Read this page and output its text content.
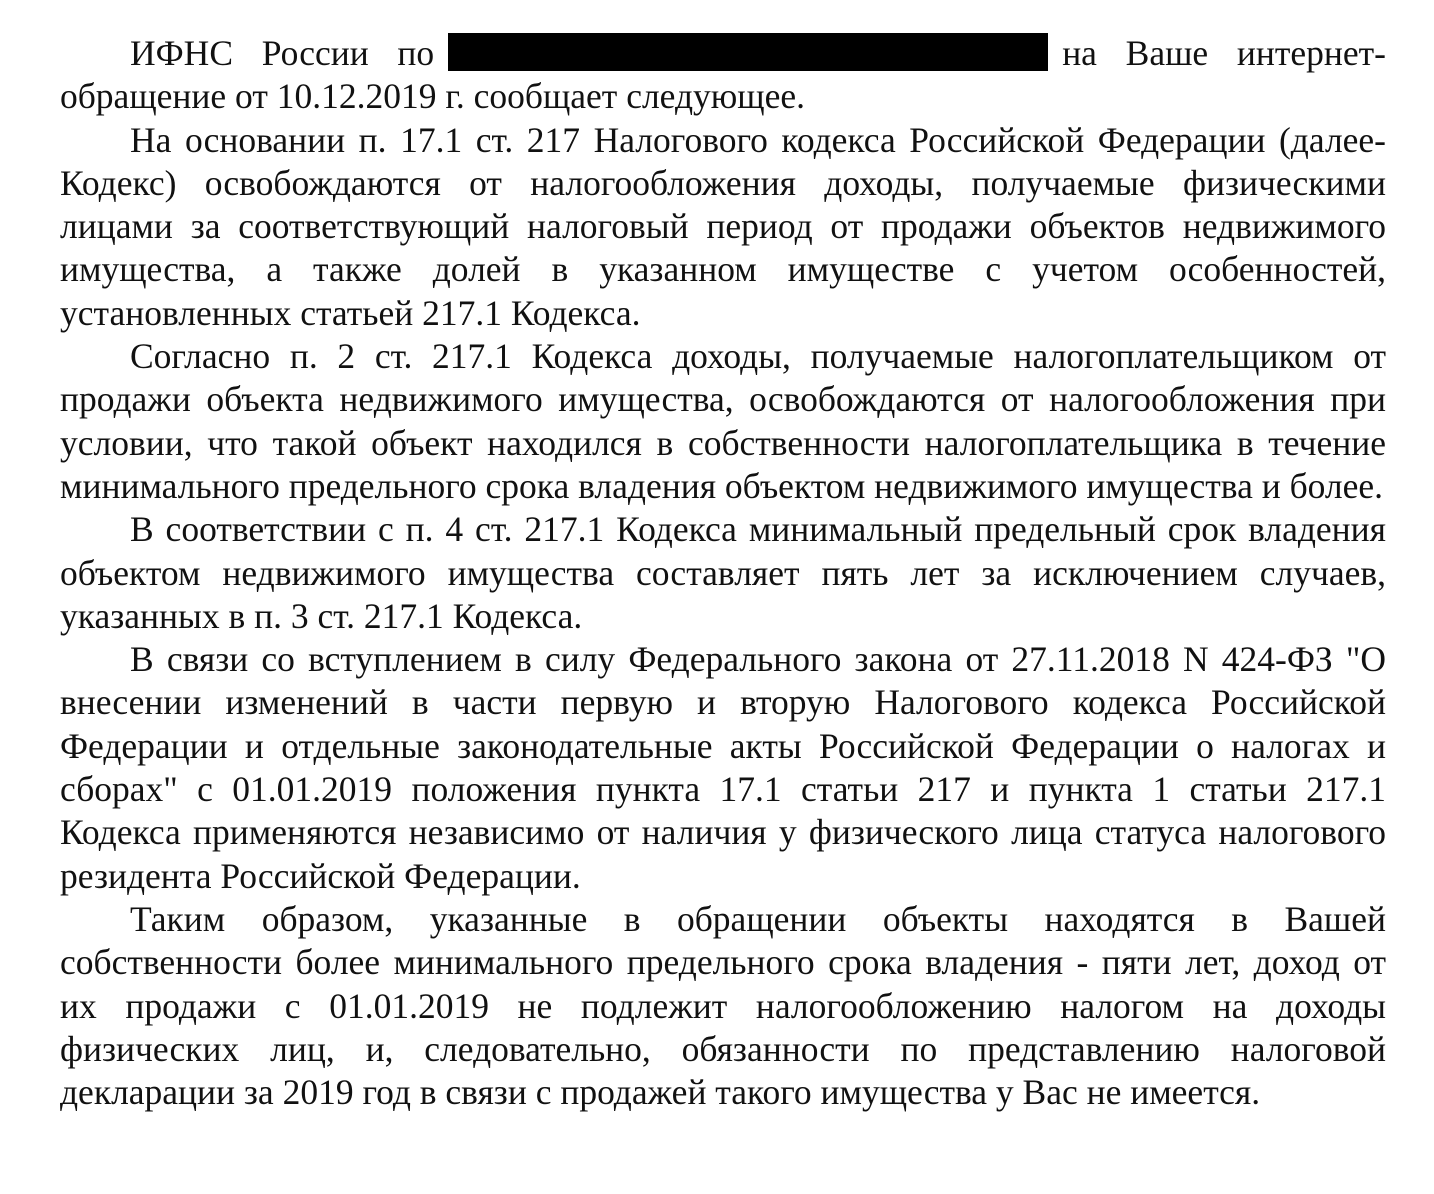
ИФНС России по	на Ваше интернет-обращение от 10.12.2019 г. сообщает следующее.

На основании п. 17.1 ст. 217 Налогового кодекса Российской Федерации (далее-Кодекс) освобождаются от налогообложения доходы, получаемые физическими лицами за соответствующий налоговый период от продажи объектов недвижимого имущества, а также долей в указанном имуществе с учетом особенностей, установленных статьей 217.1 Кодекса.

Согласно п. 2 ст. 217.1 Кодекса доходы, получаемые налогоплательщиком от продажи объекта недвижимого имущества, освобождаются от налогообложения при условии, что такой объект находился в собственности налогоплательщика в течение минимального предельного срока владения объектом недвижимого имущества и более.

В соответствии с п. 4 ст. 217.1 Кодекса минимальный предельный срок владения объектом недвижимого имущества составляет пять лет за исключением случаев, указанных в п. 3 ст. 217.1 Кодекса.

В связи со вступлением в силу Федерального закона от 27.11.2018 N 424-ФЗ "О внесении изменений в части первую и вторую Налогового кодекса Российской Федерации и отдельные законодательные акты Российской Федерации о налогах и сборах" с 01.01.2019 положения пункта 17.1 статьи 217 и пункта 1 статьи 217.1 Кодекса применяются независимо от наличия у физического лица статуса налогового резидента Российской Федерации.

Таким образом, указанные в обращении объекты находятся в Вашей собственности более минимального предельного срока владения - пяти лет, доход от их продажи с 01.01.2019 не подлежит налогообложению налогом на доходы физических лиц, и, следовательно, обязанности по представлению налоговой декларации за 2019 год в связи с продажей такого имущества у Вас не имеется.
